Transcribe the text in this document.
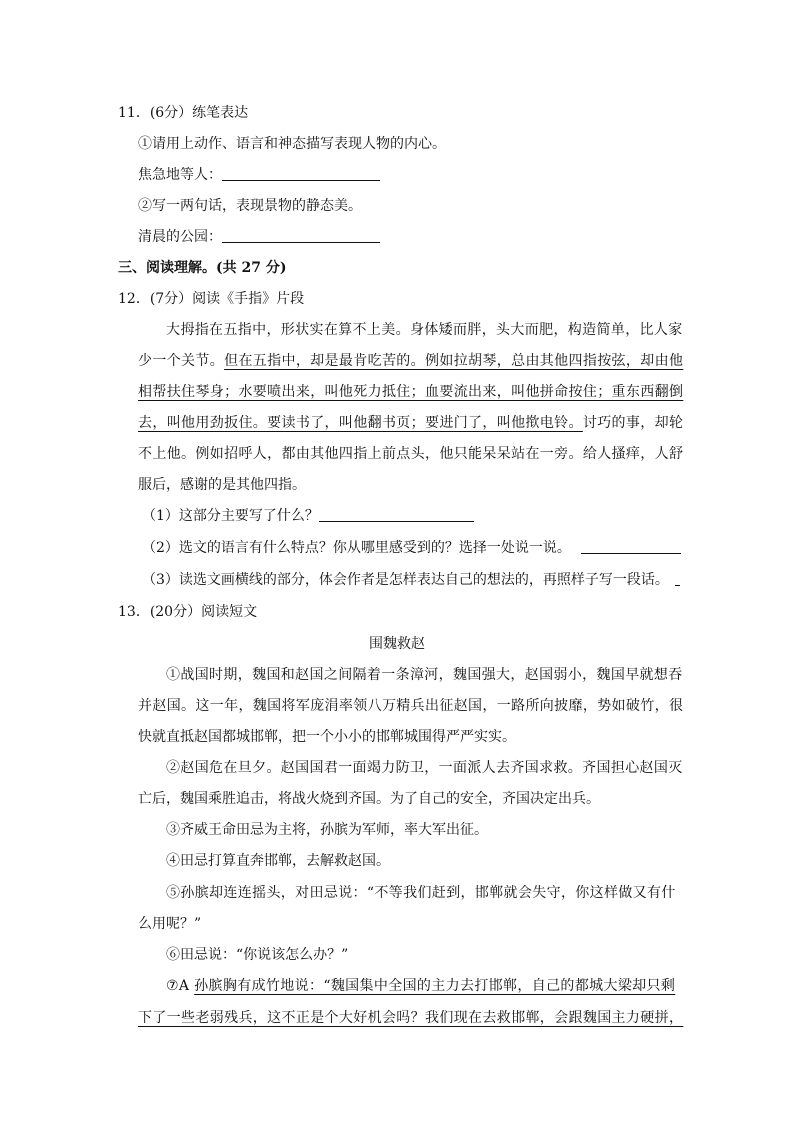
11．(6分）练笔表达
①请用上动作、语言和神态描写表现人物的内心。
焦急地等人：
②写一两句话，表现景物的静态美。
清晨的公园：
三、阅读理解。(共 27 分)
12．(7分）阅读《手指》片段
大拇指在五指中，形状实在算不上美。身体矮而胖，头大而肥，构造简单，比人家
少一个关节。但在五指中，却是最肯吃苦的。例如拉胡琴，总由其他四指按弦，却由他
相帮扶住琴身；水要喷出来，叫他死力抵住；血要流出来，叫他拼命按住；重东西翻倒
去，叫他用劲扳住。要读书了，叫他翻书页；要进门了，叫他揿电铃。讨巧的事，却轮
不上他。例如招呼人，都由其他四指上前点头，他只能呆呆站在一旁。给人搔痒，人舒
服后，感谢的是其他四指。
（1）这部分主要写了什么？
（2）选文的语言有什么特点？你从哪里感受到的？选择一处说一说。
（3）读选文画横线的部分，体会作者是怎样表达自己的想法的，再照样子写一段话。
13．(20分）阅读短文
围魏救赵
①战国时期，魏国和赵国之间隔着一条漳河，魏国强大，赵国弱小，魏国早就想吞
并赵国。这一年，魏国将军庞涓率领八万精兵出征赵国，一路所向披靡，势如破竹，很
快就直抵赵国都城邯郸，把一个小小的邯郸城围得严严实实。
②赵国危在旦夕。赵国国君一面竭力防卫，一面派人去齐国求救。齐国担心赵国灭
亡后，魏国乘胜追击，将战火烧到齐国。为了自己的安全，齐国决定出兵。
③齐威王命田忌为主将，孙膑为军师，率大军出征。
④田忌打算直奔邯郸，去解救赵国。
⑤孙膑却连连摇头，对田忌说：“不等我们赶到，邯郸就会失守，你这样做又有什
么用呢？”
⑥田忌说：“你说该怎么办？”
⑦A 孙膑胸有成竹地说：“魏国集中全国的主力去打邯郸，自己的都城大梁却只剩
下了一些老弱残兵，这不正是个大好机会吗？我们现在去救邯郸，会跟魏国主力硬拼，
